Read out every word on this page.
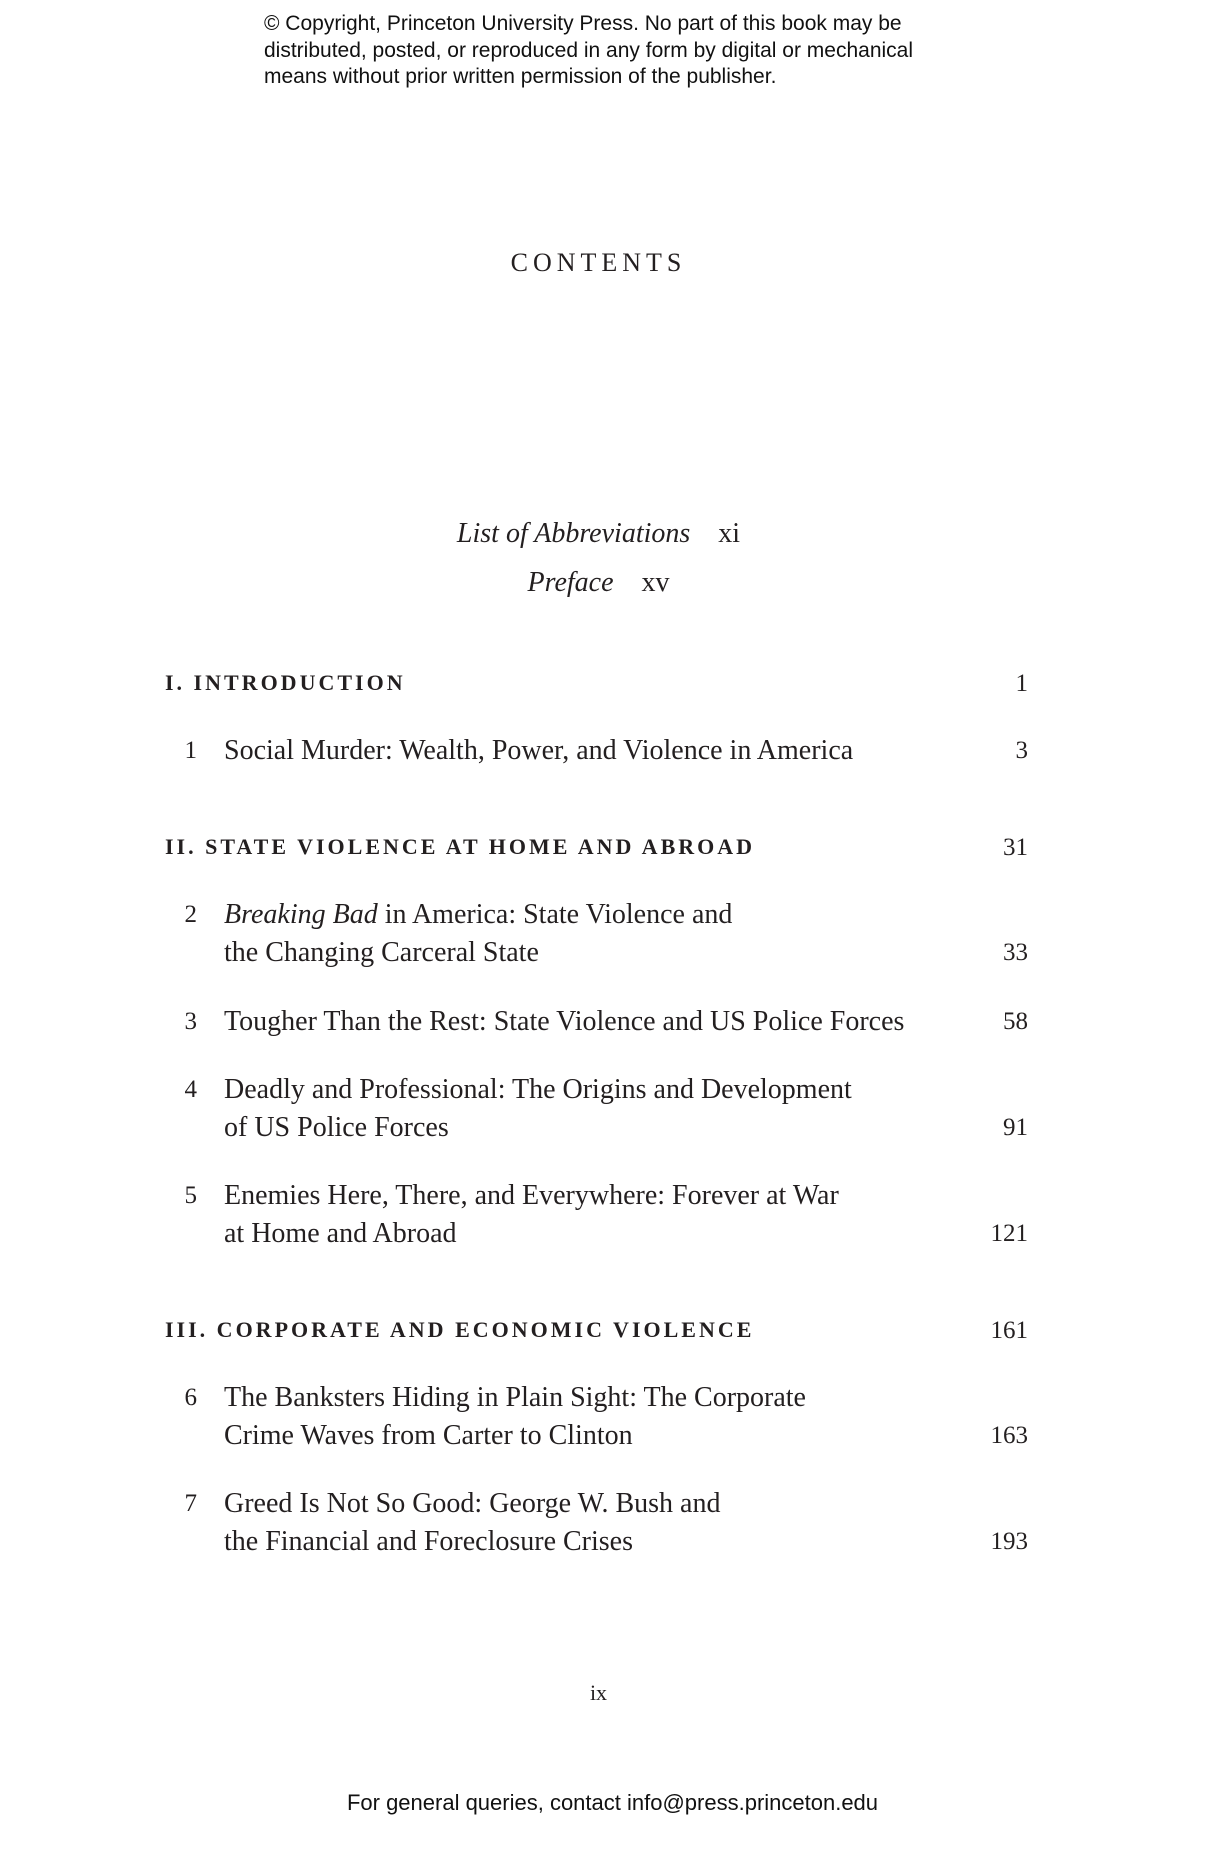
© Copyright, Princeton University Press. No part of this book may be
distributed, posted, or reproduced in any form by digital or mechanical
means without prior written permission of the publisher.
CONTENTS
List of Abbreviations xi
Preface xv
I. INTRODUCTION	1
1 Social Murder: Wealth, Power, and Violence in America	3
II. STATE VIOLENCE AT HOME AND ABROAD	31
2 Breaking Bad in America: State Violence and
the Changing Carceral State	33
3 Tougher Than the Rest: State Violence and US Police Forces	58
4 Deadly and Professional: The Origins and Development
of US Police Forces	91
5 Enemies Here, There, and Everywhere: Forever at War
at Home and Abroad	121
III. CORPORATE AND ECONOMIC VIOLENCE	161
6 The Banksters Hiding in Plain Sight: The Corporate
Crime Waves from Carter to Clinton	163
7 Greed Is Not So Good: George W. Bush and
the Financial and Foreclosure Crises	193
ix
For general queries, contact info@press.princeton.edu
